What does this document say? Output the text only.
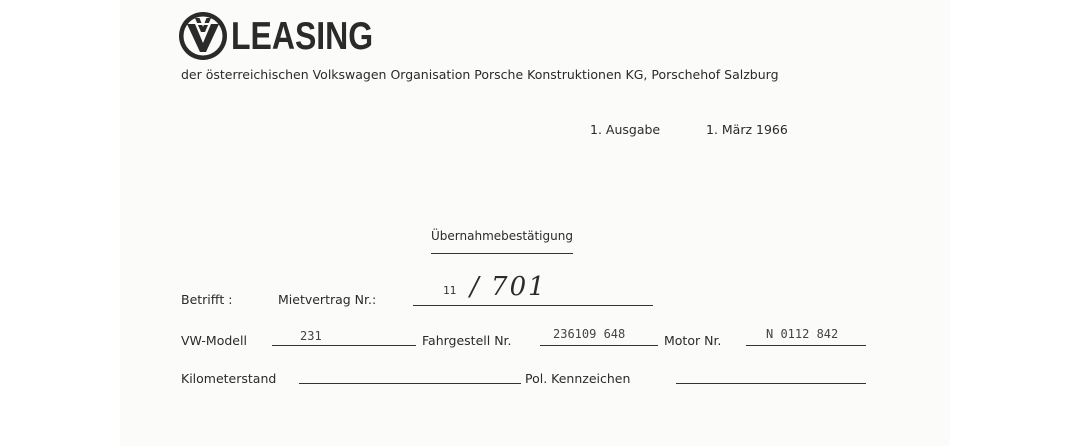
LEASING
der österreichischen Volkswagen Organisation Porsche Konstruktionen KG, Porschehof Salzburg
1. Ausgabe	1. März 1966
Übernahmebestätigung
Betrifft :	Mietvertrag Nr.:
11 / 701
VW-Modell	231	Fahrgestell Nr.	236109 648	Motor Nr.	N 0112 842
Kilometerstand	Pol. Kennzeichen
